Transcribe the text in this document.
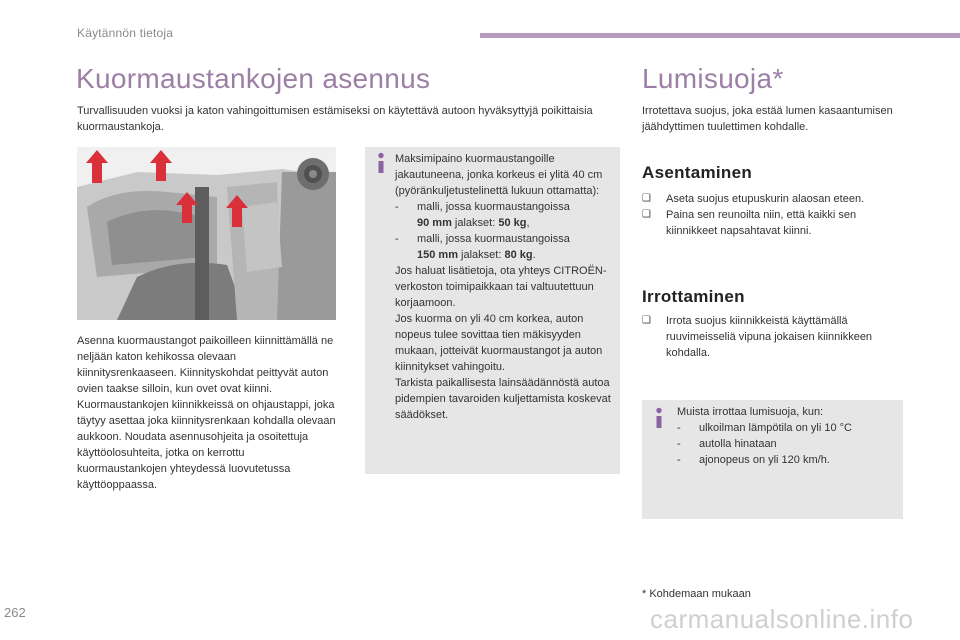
Käytännön tietoja
Kuormaustankojen asennus

Turvallisuuden vuoksi ja katon vahingoittumisen estämiseksi on käytettävä autoon hyväksyttyjä poikittaisia kuormaustankoja.

Asenna kuormaustangot paikoilleen kiinnittämällä ne neljään katon kehikossa olevaan kiinnitysrenkaaseen. Kiinnityskohdat peittyvät auton ovien taakse silloin, kun ovet ovat kiinni. Kuormaustankojen kiinnikkeissä on ohjaustappi, joka täytyy asettaa joka kiinnitysrenkaan kohdalla olevaan aukkoon. Noudata asennusohjeita ja osoitettuja käyttöolosuhteita, jotka on kerrottu kuormaustankojen yhteydessä luovutetussa käyttöoppaassa.

Maksimipaino kuormaustangoille jakautuneena, jonka korkeus ei ylitä 40 cm (pyöränkuljetustelinettä lukuun ottamatta):
-	malli, jossa kuormaustangoissa
90 mm jalakset: 50 kg,
-	malli, jossa kuormaustangoissa
150 mm jalakset: 80 kg.
Jos haluat lisätietoja, ota yhteys CITROËN-verkoston toimipaikkaan tai valtuutettuun korjaamoon.
Jos kuorma on yli 40 cm korkea, auton nopeus tulee sovittaa tien mäkisyyden mukaan, jotteivät kuormaustangot ja auton kiinnitykset vahingoitu.
Tarkista paikallisesta lainsäädännöstä autoa pidempien tavaroiden kuljettamista koskevat säädökset.
Lumisuoja*

Irrotettava suojus, joka estää lumen kasaantumisen jäähdyttimen tuulettimen kohdalle.

Asentaminen
❑	Aseta suojus etupuskurin alaosan eteen.
❑	Paina sen reunoilta niin, että kaikki sen kiinnikkeet napsahtavat kiinni.
Irrottaminen
❑	Irrota suojus kiinnikkeistä käyttämällä ruuvimeisseliä vipuna jokaisen kiinnikkeen kohdalla.
Muista irrottaa lumisuoja, kun:
-	ulkoilman lämpötila on yli 10 °C
-	autolla hinataan
-	ajonopeus on yli 120 km/h.
* Kohdemaan mukaan
262	carmanualsonline.info
